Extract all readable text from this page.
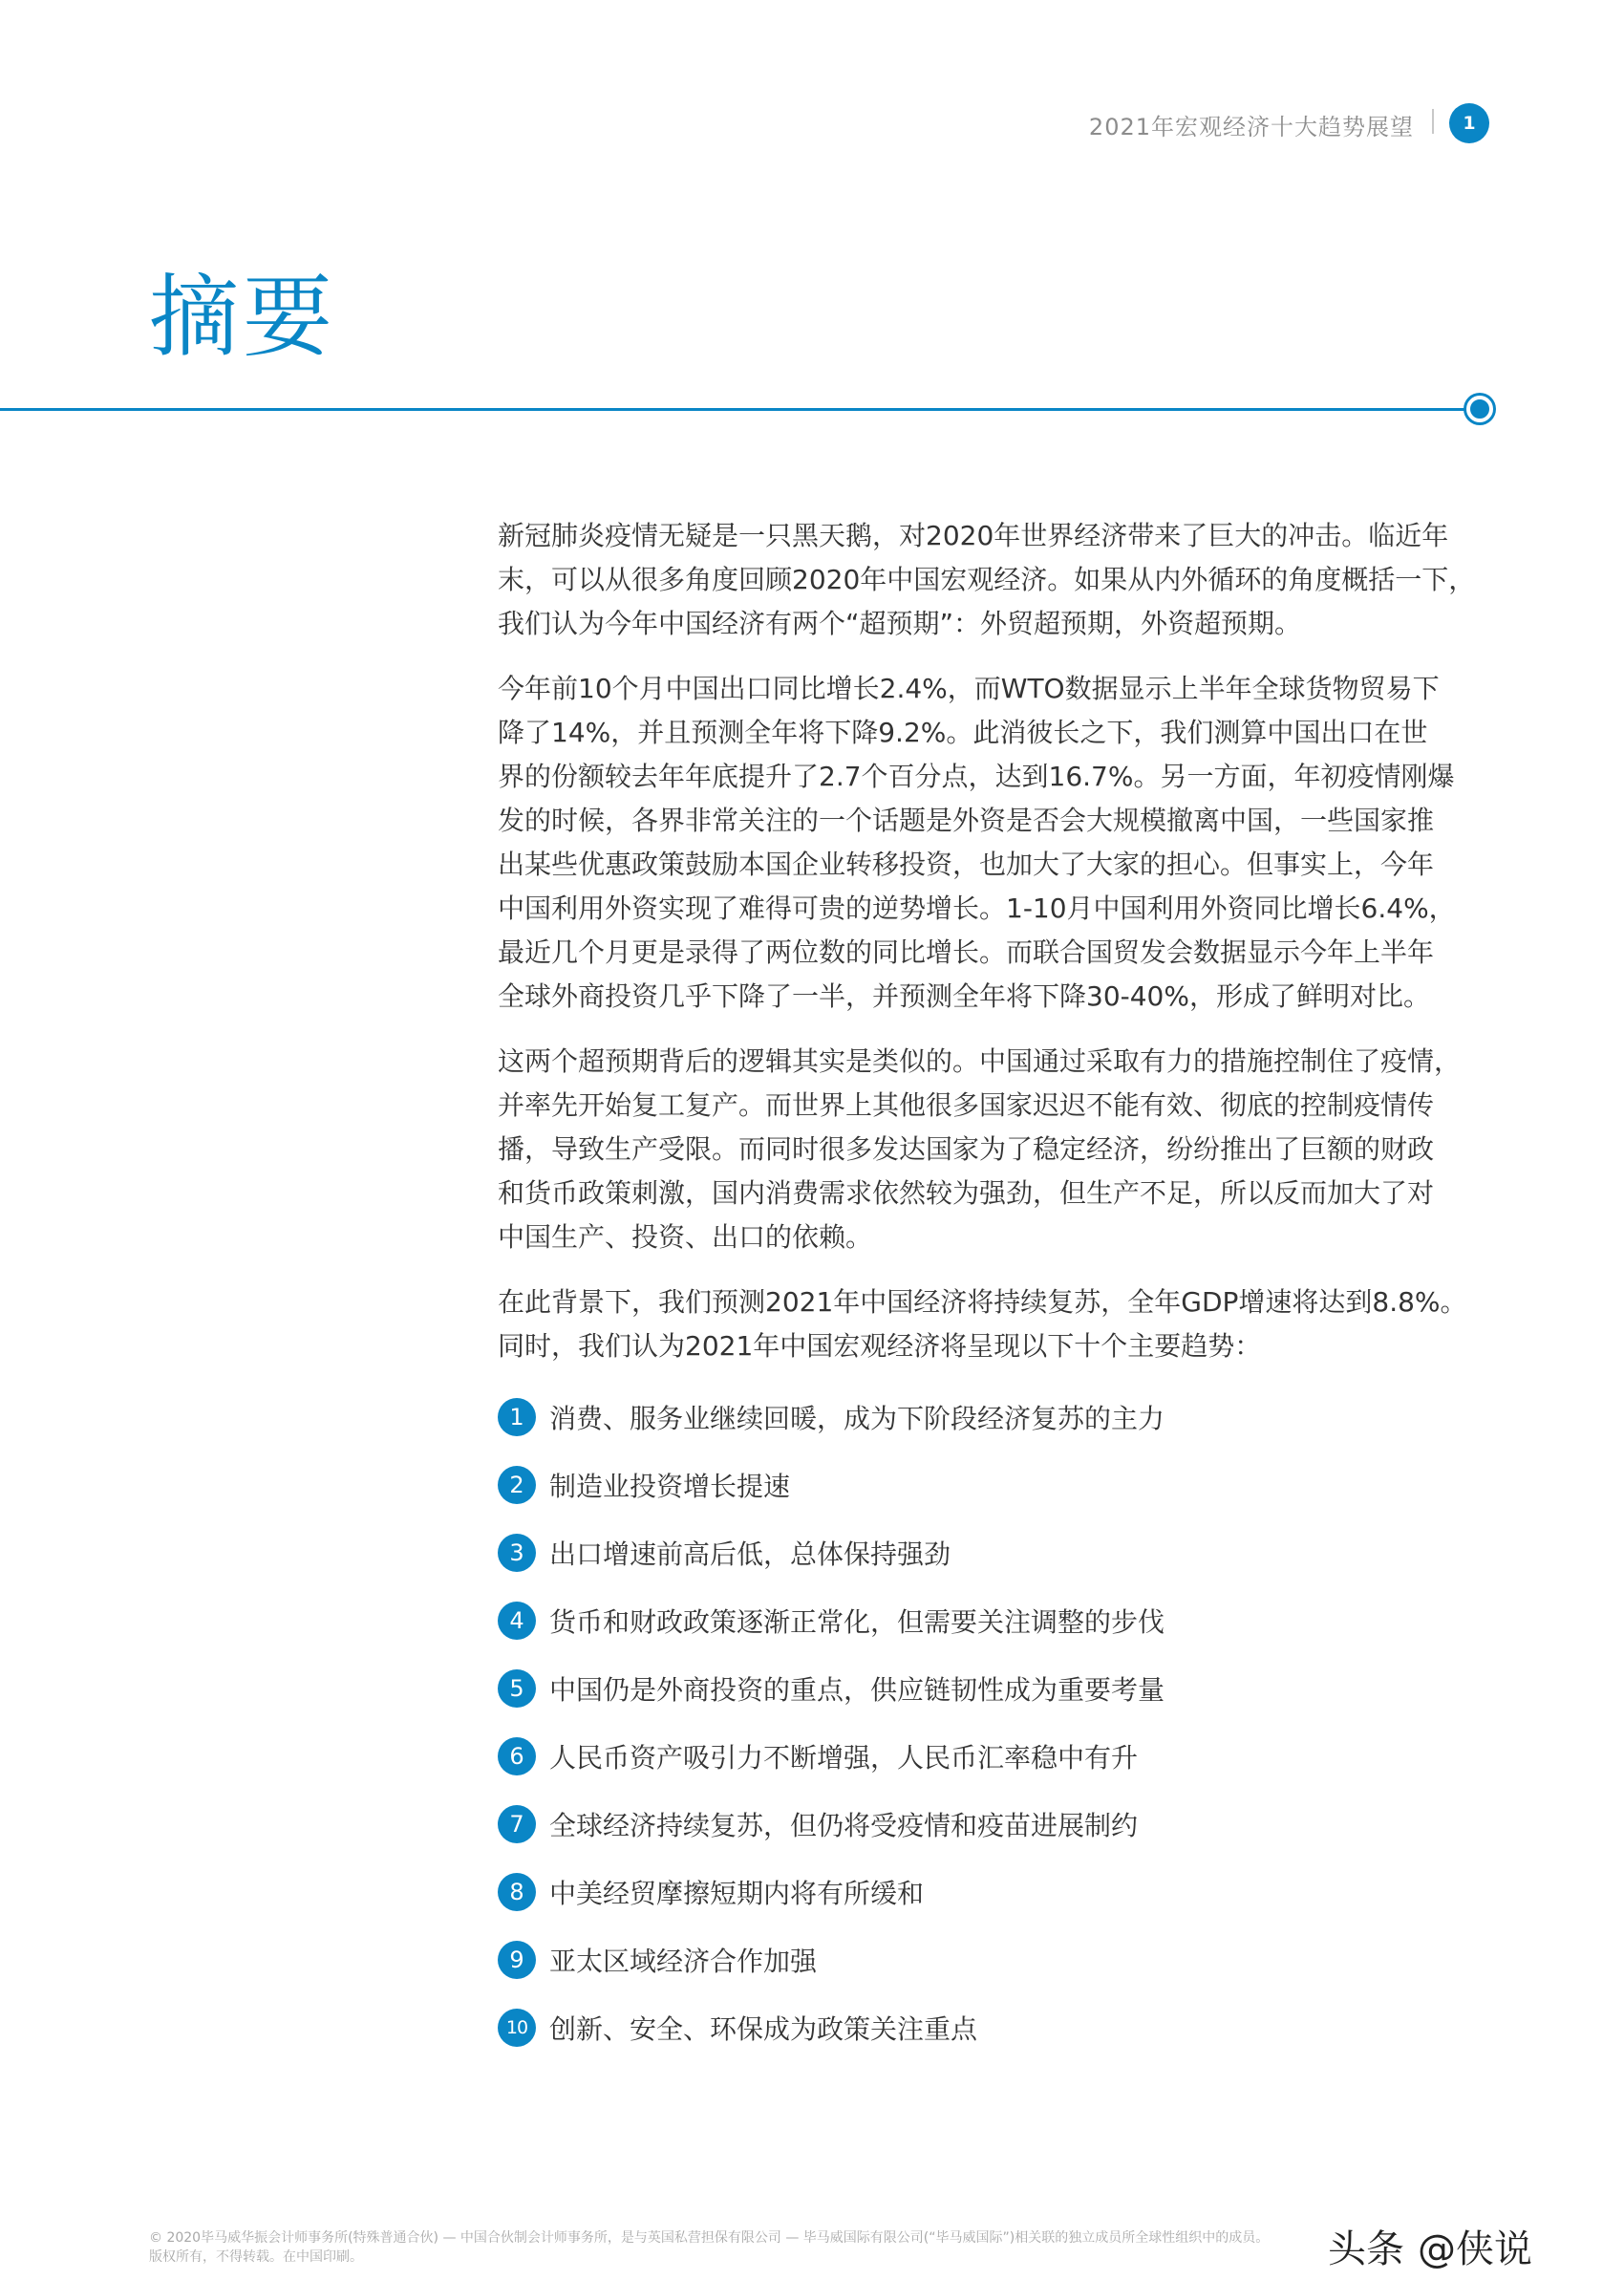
2021年宏观经济十大趋势展望	1
摘要

新冠肺炎疫情无疑是一只黑天鹅，对2020年世界经济带来了巨大的冲击。临近年
末，可以从很多角度回顾2020年中国宏观经济。如果从内外循环的角度概括一下，
我们认为今年中国经济有两个“超预期”：外贸超预期，外资超预期。

今年前10个月中国出口同比增长2.4%，而WTO数据显示上半年全球货物贸易下
降了14%，并且预测全年将下降9.2%。此消彼长之下，我们测算中国出口在世
界的份额较去年年底提升了2.7个百分点，达到16.7%。另一方面，年初疫情刚爆
发的时候，各界非常关注的一个话题是外资是否会大规模撤离中国，一些国家推
出某些优惠政策鼓励本国企业转移投资，也加大了大家的担心。但事实上，今年
中国利用外资实现了难得可贵的逆势增长。1-10月中国利用外资同比增长6.4%，
最近几个月更是录得了两位数的同比增长。而联合国贸发会数据显示今年上半年
全球外商投资几乎下降了一半，并预测全年将下降30-40%，形成了鲜明对比。

这两个超预期背后的逻辑其实是类似的。中国通过采取有力的措施控制住了疫情，
并率先开始复工复产。而世界上其他很多国家迟迟不能有效、彻底的控制疫情传
播，导致生产受限。而同时很多发达国家为了稳定经济，纷纷推出了巨额的财政
和货币政策刺激，国内消费需求依然较为强劲，但生产不足，所以反而加大了对
中国生产、投资、出口的依赖。

在此背景下，我们预测2021年中国经济将持续复苏，全年GDP增速将达到8.8%。
同时，我们认为2021年中国宏观经济将呈现以下十个主要趋势：

1 消费、服务业继续回暖，成为下阶段经济复苏的主力
2 制造业投资增长提速
3 出口增速前高后低，总体保持强劲
4 货币和财政政策逐渐正常化，但需要关注调整的步伐
5 中国仍是外商投资的重点，供应链韧性成为重要考量
6 人民币资产吸引力不断增强，人民币汇率稳中有升
7 全球经济持续复苏，但仍将受疫情和疫苗进展制约
8 中美经贸摩擦短期内将有所缓和
9 亚太区域经济合作加强
10 创新、安全、环保成为政策关注重点
© 2020毕马威华振会计师事务所(特殊普通合伙) — 中国合伙制会计师事务所，是与英国私营担保有限公司 — 毕马威国际有限公司(“毕马威国际”)相关联的独立成员所全球性组织中的成员。
版权所有，不得转载。在中国印刷。	头条 @侠说
